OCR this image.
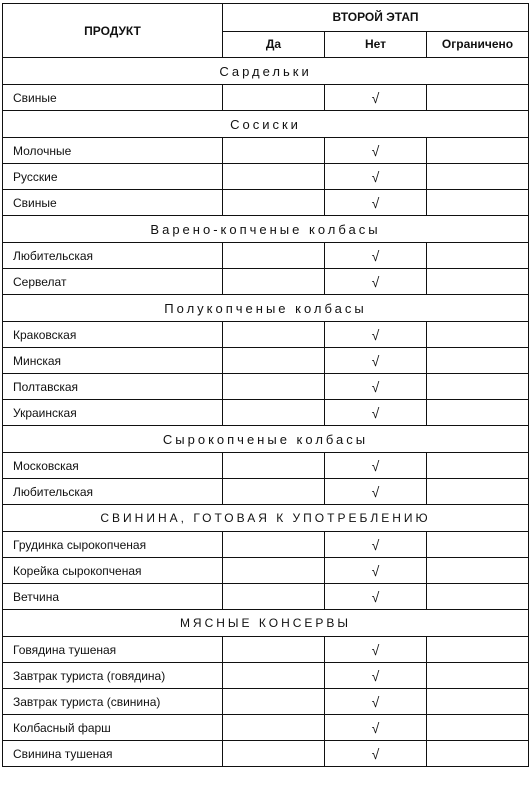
ПРОДУКТ	ВТОРОЙ ЭТАП		
	Да	Нет	Ограничено
Сардельки			
Свиные		√	
Сосиски			
Молочные		√	
Русские		√	
Свиные		√	
Варено-копченые колбасы			
Любительская		√	
Сервелат		√	
Полукопченые колбасы			
Краковская		√	
Минская		√	
Полтавская		√	
Украинская		√	
Сырокопченые колбасы			
Московская		√	
Любительская		√	
СВИНИНА, ГОТОВАЯ К УПОТРЕБЛЕНИЮ			
Грудинка сырокопченая		√	
Корейка сырокопченая		√	
Ветчина		√	
МЯСНЫЕ КОНСЕРВЫ			
Говядина тушеная		√	
Завтрак туриста (говядина)		√	
Завтрак туриста (свинина)		√	
Колбасный фарш		√	
Свинина тушеная		√	
